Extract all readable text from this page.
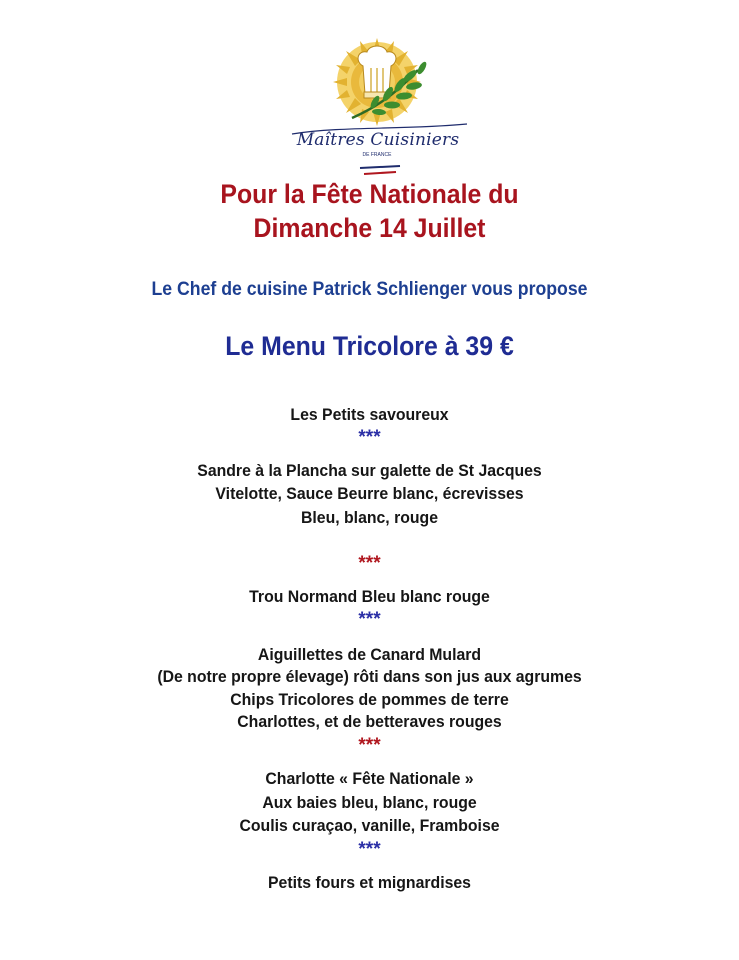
Maîtres Cuisiniers
DE FRANCE
Pour la Fête Nationale du
Dimanche 14 Juillet
Le Chef de cuisine Patrick Schlienger vous propose
Le Menu Tricolore à 39 €
Les Petits savoureux
***
Sandre à la Plancha sur galette de St Jacques
Vitelotte, Sauce Beurre blanc, écrevisses
Bleu, blanc, rouge
***
Trou Normand Bleu blanc rouge
***
Aiguillettes de Canard Mulard
(De notre propre élevage) rôti dans son jus aux agrumes
Chips Tricolores de pommes de terre
Charlottes, et de betteraves rouges
***
Charlotte « Fête Nationale »
Aux baies bleu, blanc, rouge
Coulis curaçao, vanille, Framboise
***
Petits fours et mignardises
